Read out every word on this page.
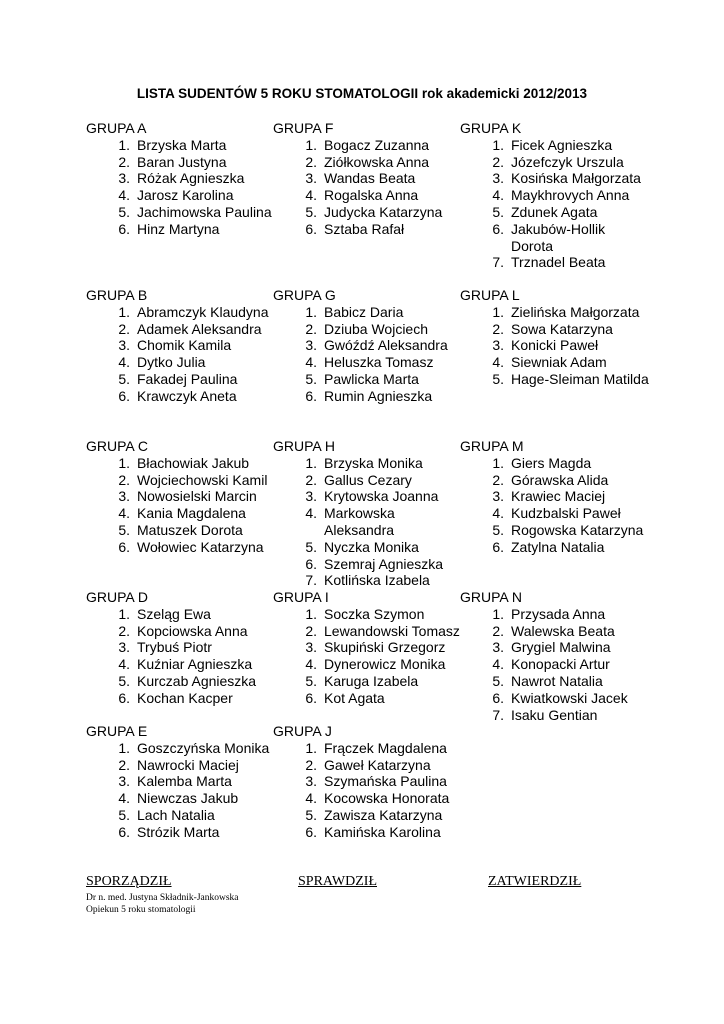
LISTA SUDENTÓW 5 ROKU STOMATOLOGII rok akademicki 2012/2013
GRUPA A
1. Brzyska Marta
2. Baran Justyna
3. Różak Agnieszka
4. Jarosz Karolina
5. Jachimowska Paulina
6. Hinz Martyna
GRUPA F
1. Bogacz Zuzanna
2. Ziółkowska Anna
3. Wandas Beata
4. Rogalska Anna
5. Judycka Katarzyna
6. Sztaba Rafał
GRUPA K
1. Ficek Agnieszka
2. Józefczyk Urszula
3. Kosińska Małgorzata
4. Maykhrovych Anna
5. Zdunek Agata
6. Jakubów-Hollik Dorota
7. Trznadel Beata
GRUPA B
1. Abramczyk Klaudyna
2. Adamek Aleksandra
3. Chomik Kamila
4. Dytko Julia
5. Fakadej Paulina
6. Krawczyk Aneta
GRUPA G
1. Babicz Daria
2. Dziuba Wojciech
3. Gwóźdź Aleksandra
4. Heluszka Tomasz
5. Pawlicka Marta
6. Rumin Agnieszka
GRUPA L
1. Zielińska Małgorzata
2. Sowa Katarzyna
3. Konicki Paweł
4. Siewniak Adam
5. Hage-Sleiman Matilda
GRUPA C
1. Błachowiak Jakub
2. Wojciechowski Kamil
3. Nowosielski Marcin
4. Kania Magdalena
5. Matuszek Dorota
6. Wołowiec Katarzyna
GRUPA H
1. Brzyska Monika
2. Gallus Cezary
3. Krytowska Joanna
4. Markowska Aleksandra
5. Nyczka Monika
6. Szemraj Agnieszka
7. Kotlińska Izabela
GRUPA M
1. Giers Magda
2. Górawska Alida
3. Krawiec Maciej
4. Kudzbalski Paweł
5. Rogowska Katarzyna
6. Zatylna Natalia
GRUPA D
1. Szeląg Ewa
2. Kopciowska Anna
3. Trybuś Piotr
4. Kuźniar Agnieszka
5. Kurczab Agnieszka
6. Kochan Kacper
GRUPA I
1. Soczka Szymon
2. Lewandowski Tomasz
3. Skupiński Grzegorz
4. Dynerowicz Monika
5. Karuga Izabela
6. Kot Agata
GRUPA N
1. Przysada Anna
2. Walewska Beata
3. Grygiel Malwina
4. Konopacki Artur
5. Nawrot Natalia
6. Kwiatkowski Jacek
7. Isaku Gentian
GRUPA E
1. Goszczyńska Monika
2. Nawrocki Maciej
3. Kalemba Marta
4. Niewczas Jakub
5. Lach Natalia
6. Strózik Marta
GRUPA J
1. Frączek Magdalena
2. Gaweł Katarzyna
3. Szymańska Paulina
4. Kocowska Honorata
5. Zawisza Katarzyna
6. Kamińska Karolina
SPORZĄDZIŁ	SPRAWDZIŁ	ZATWIERDZIŁ
Dr n. med. Justyna Składnik-Jankowska
Opiekun 5 roku stomatologii
